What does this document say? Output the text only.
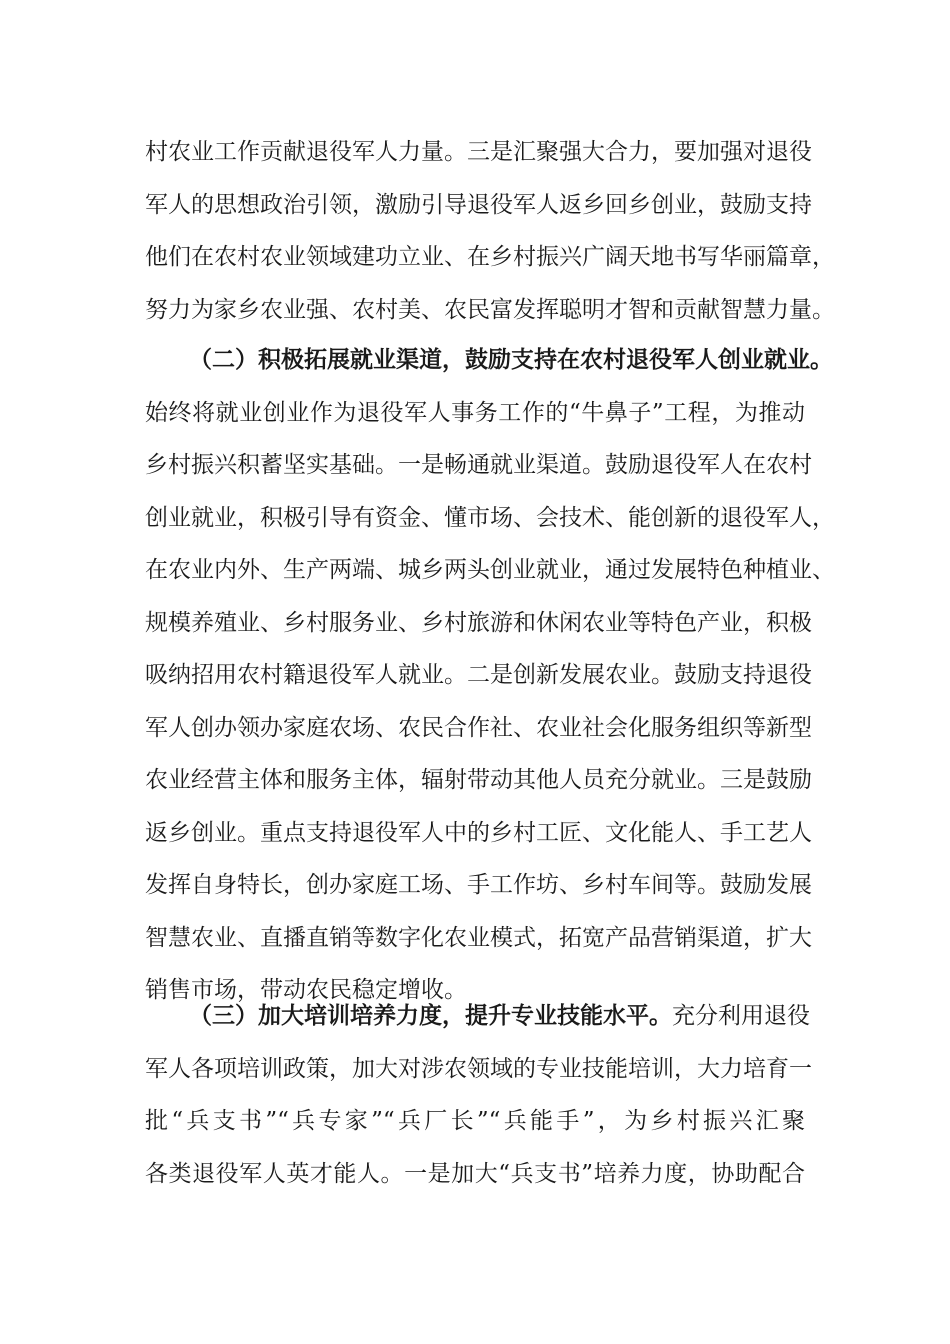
村农业工作贡献退役军人力量。三是汇聚强大合力，要加强对退役
军人的思想政治引领，激励引导退役军人返乡回乡创业，鼓励支持
他们在农村农业领域建功立业、在乡村振兴广阔天地书写华丽篇章，
努力为家乡农业强、农村美、农民富发挥聪明才智和贡献智慧力量。
（二）积极拓展就业渠道，鼓励支持在农村退役军人创业就业。
始终将就业创业作为退役军人事务工作的“牛鼻子”工程，为推动
乡村振兴积蓄坚实基础。一是畅通就业渠道。鼓励退役军人在农村
创业就业，积极引导有资金、懂市场、会技术、能创新的退役军人，
在农业内外、生产两端、城乡两头创业就业，通过发展特色种植业、
规模养殖业、乡村服务业、乡村旅游和休闲农业等特色产业，积极
吸纳招用农村籍退役军人就业。二是创新发展农业。鼓励支持退役
军人创办领办家庭农场、农民合作社、农业社会化服务组织等新型
农业经营主体和服务主体，辐射带动其他人员充分就业。三是鼓励
返乡创业。重点支持退役军人中的乡村工匠、文化能人、手工艺人
发挥自身特长，创办家庭工场、手工作坊、乡村车间等。鼓励发展
智慧农业、直播直销等数字化农业模式，拓宽产品营销渠道，扩大
销售市场，带动农民稳定增收。
（三）加大培训培养力度，提升专业技能水平。充分利用退役
军人各项培训政策，加大对涉农领域的专业技能培训，大力培育一
批“兵支书”“兵专家”“兵厂长”“兵能手”，为乡村振兴汇聚
各类退役军人英才能人。一是加大“兵支书”培养力度，协助配合
